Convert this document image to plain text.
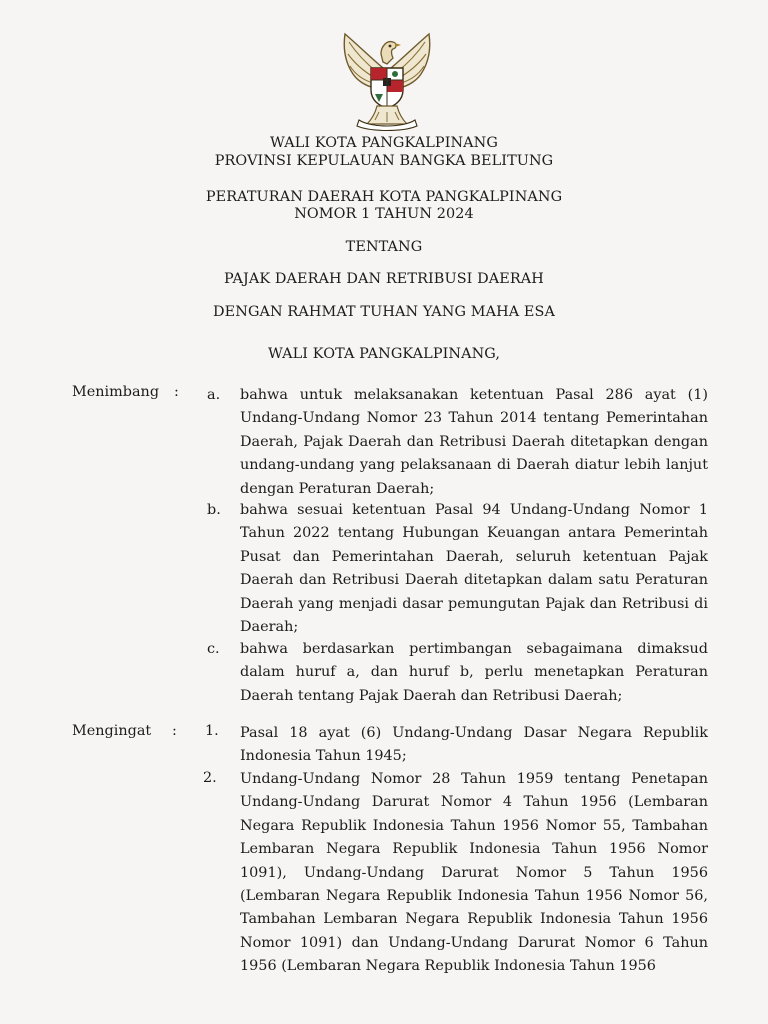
WALI KOTA PANGKALPINANG
PROVINSI KEPULAUAN BANGKA BELITUNG
PERATURAN DAERAH KOTA PANGKALPINANG
NOMOR 1 TAHUN 2024
TENTANG
PAJAK DAERAH DAN RETRIBUSI DAERAH
DENGAN RAHMAT TUHAN YANG MAHA ESA
WALI KOTA PANGKALPINANG,
Menimbang : a. bahwa untuk melaksanakan ketentuan Pasal 286 ayat (1) Undang-Undang Nomor 23 Tahun 2014 tentang Pemerintahan Daerah, Pajak Daerah dan Retribusi Daerah ditetapkan dengan undang-undang yang pelaksanaan di Daerah diatur lebih lanjut dengan Peraturan Daerah;
b. bahwa sesuai ketentuan Pasal 94 Undang-Undang Nomor 1 Tahun 2022 tentang Hubungan Keuangan antara Pemerintah Pusat dan Pemerintahan Daerah, seluruh ketentuan Pajak Daerah dan Retribusi Daerah ditetapkan dalam satu Peraturan Daerah yang menjadi dasar pemungutan Pajak dan Retribusi di Daerah;
c. bahwa berdasarkan pertimbangan sebagaimana dimaksud dalam huruf a, dan huruf b, perlu menetapkan Peraturan Daerah tentang Pajak Daerah dan Retribusi Daerah;
Mengingat : 1. Pasal 18 ayat (6) Undang-Undang Dasar Negara Republik Indonesia Tahun 1945;
2. Undang-Undang Nomor 28 Tahun 1959 tentang Penetapan Undang-Undang Darurat Nomor 4 Tahun 1956 (Lembaran Negara Republik Indonesia Tahun 1956 Nomor 55, Tambahan Lembaran Negara Republik Indonesia Tahun 1956 Nomor 1091), Undang-Undang Darurat Nomor 5 Tahun 1956 (Lembaran Negara Republik Indonesia Tahun 1956 Nomor 56, Tambahan Lembaran Negara Republik Indonesia Tahun 1956 Nomor 1091) dan Undang-Undang Darurat Nomor 6 Tahun 1956 (Lembaran Negara Republik Indonesia Tahun 1956
